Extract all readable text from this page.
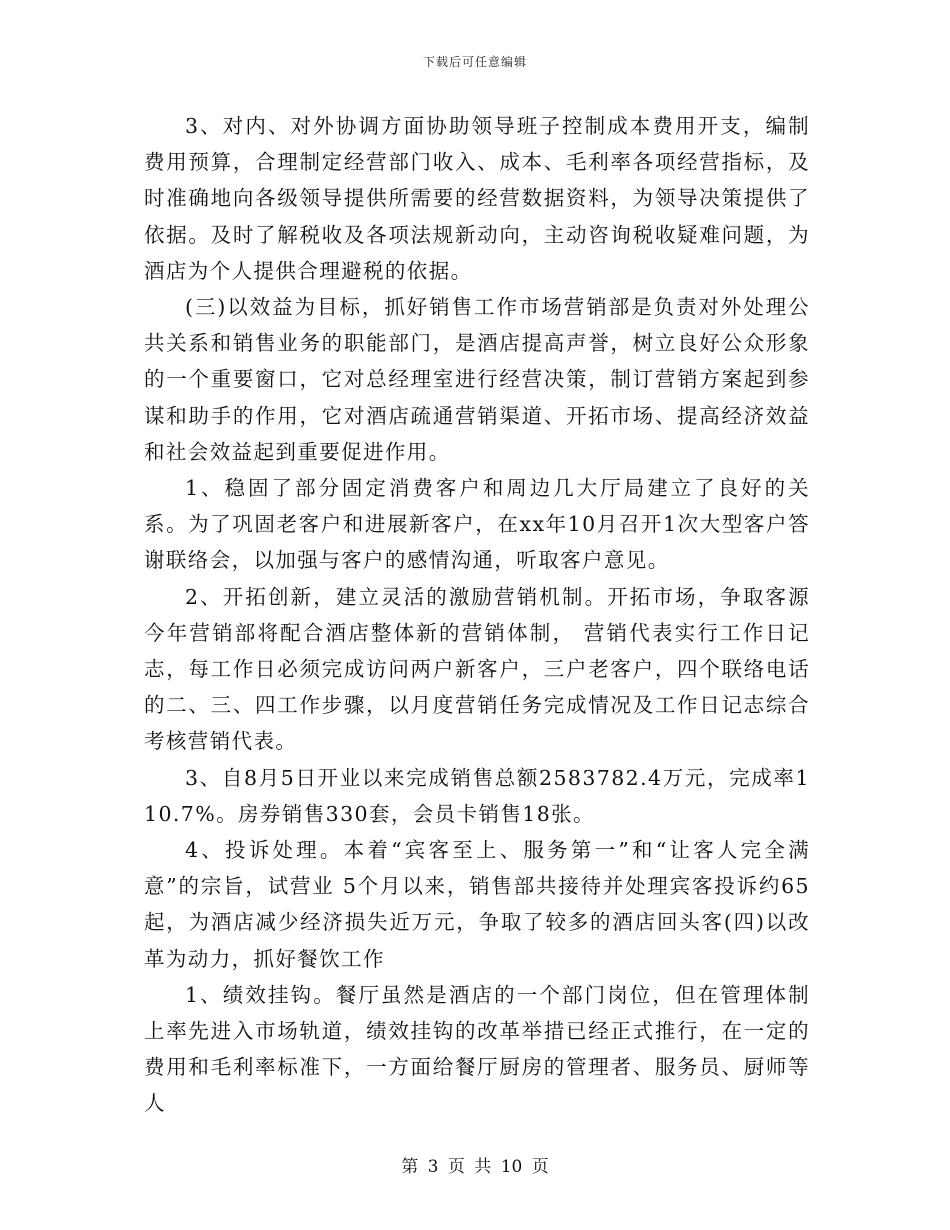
下载后可任意编辑

3、对内、对外协调方面协助领导班子控制成本费用开支，编制费用预算，合理制定经营部门收入、成本、毛利率各项经营指标，及时准确地向各级领导提供所需要的经营数据资料，为领导决策提供了依据。及时了解税收及各项法规新动向，主动咨询税收疑难问题，为酒店为个人提供合理避税的依据。

(三)以效益为目标，抓好销售工作市场营销部是负责对外处理公共关系和销售业务的职能部门，是酒店提高声誉，树立良好公众形象的一个重要窗口，它对总经理室进行经营决策，制订营销方案起到参谋和助手的作用，它对酒店疏通营销渠道、开拓市场、提高经济效益和社会效益起到重要促进作用。

1、稳固了部分固定消费客户和周边几大厅局建立了良好的关系。为了巩固老客户和进展新客户，在xx年10月召开1次大型客户答谢联络会，以加强与客户的感情沟通，听取客户意见。

2、开拓创新，建立灵活的激励营销机制。开拓市场，争取客源今年营销部将配合酒店整体新的营销体制， 营销代表实行工作日记志，每工作日必须完成访问两户新客户，三户老客户，四个联络电话的二、三、四工作步骤，以月度营销任务完成情况及工作日记志综合考核营销代表。

3、自8月5日开业以来完成销售总额2583782.4万元，完成率110.7%。房券销售330套，会员卡销售18张。

4、投诉处理。本着“宾客至上、服务第一”和“让客人完全满意”的宗旨，试营业 5个月以来，销售部共接待并处理宾客投诉约65起，为酒店减少经济损失近万元，争取了较多的酒店回头客(四)以改革为动力，抓好餐饮工作

1、绩效挂钩。餐厅虽然是酒店的一个部门岗位，但在管理体制上率先进入市场轨道，绩效挂钩的改革举措已经正式推行，在一定的费用和毛利率标准下，一方面给餐厅厨房的管理者、服务员、厨师等人

第 3 页 共 10 页
